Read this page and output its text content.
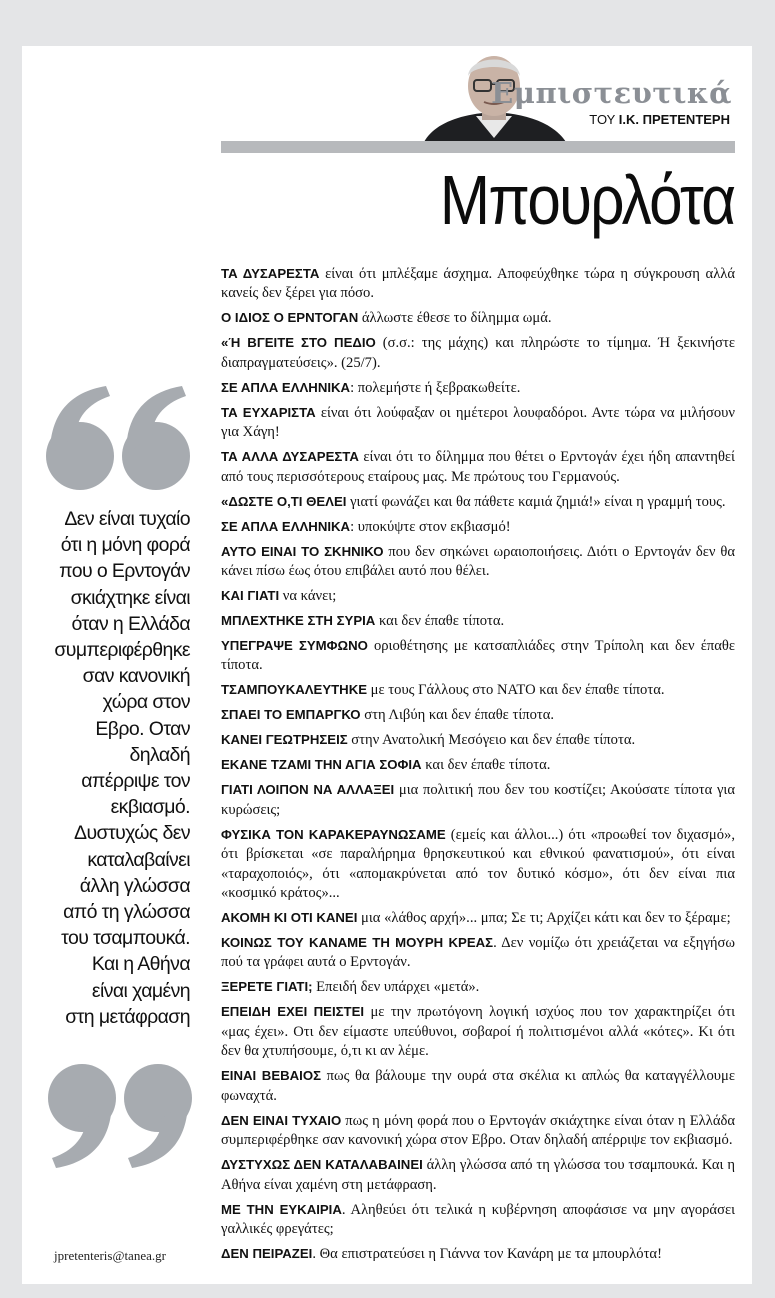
Εμπιστευτικά
ΤΟΥ Ι.Κ. ΠΡΕΤΕΝΤΕΡΗ
Μπουρλότα
Δεν είναι τυχαίο
ότι η μόνη φορά
που ο Ερντογάν
σκιάχτηκε είναι
όταν η Ελλάδα
συμπεριφέρθηκε
σαν κανονική
χώρα στον
Εβρο. Οταν
δηλαδή
απέρριψε τον
εκβιασμό.
Δυστυχώς δεν
καταλαβαίνει
άλλη γλώσσα
από τη γλώσσα
του τσαμπουκά.
Και η Αθήνα
είναι χαμένη
στη μετάφραση
jpretenteris@tanea.gr

ΤΑ ΔΥΣΑΡΕΣΤΑ είναι ότι μπλέξαμε άσχημα. Αποφεύχθηκε τώρα η σύγκρουση αλλά κανείς δεν ξέρει για πόσο.

Ο ΙΔΙΟΣ Ο ΕΡΝΤΟΓΑΝ άλλωστε έθεσε το δίλημμα ωμά.

«Ή ΒΓΕΙΤΕ ΣΤΟ ΠΕΔΙΟ (σ.σ.: της μάχης) και πληρώστε το τίμημα. Ή ξεκινήστε διαπραγματεύσεις». (25/7).

ΣΕ ΑΠΛΑ ΕΛΛΗΝΙΚΑ: πολεμήστε ή ξεβρακωθείτε.

ΤΑ ΕΥΧΑΡΙΣΤΑ είναι ότι λούφαξαν οι ημέτεροι λουφαδόροι. Αντε τώρα να μιλήσουν για Χάγη!

ΤΑ ΑΛΛΑ ΔΥΣΑΡΕΣΤΑ είναι ότι το δίλημμα που θέτει ο Ερντογάν έχει ήδη απαντηθεί από τους περισσότερους εταίρους μας. Με πρώτους του Γερμανούς.

«ΔΩΣΤΕ Ο,ΤΙ ΘΕΛΕΙ γιατί φωνάζει και θα πάθετε καμιά ζημιά!» είναι η γραμμή τους.

ΣΕ ΑΠΛΑ ΕΛΛΗΝΙΚΑ: υποκύψτε στον εκβιασμό!

ΑΥΤΟ ΕΙΝΑΙ ΤΟ ΣΚΗΝΙΚΟ που δεν σηκώνει ωραιοποιήσεις. Διότι ο Ερντογάν δεν θα κάνει πίσω έως ότου επιβάλει αυτό που θέλει.

ΚΑΙ ΓΙΑΤΙ να κάνει;

ΜΠΛΕΧΤΗΚΕ ΣΤΗ ΣΥΡΙΑ και δεν έπαθε τίποτα.

ΥΠΕΓΡΑΨΕ ΣΥΜΦΩΝΟ οριοθέτησης με κατσαπλιάδες στην Τρίπολη και δεν έπαθε τίποτα.

ΤΣΑΜΠΟΥΚΑΛΕΥΤΗΚΕ με τους Γάλλους στο ΝΑΤΟ και δεν έπαθε τίποτα.

ΣΠΑΕΙ ΤΟ ΕΜΠΑΡΓΚΟ στη Λιβύη και δεν έπαθε τίποτα.

ΚΑΝΕΙ ΓΕΩΤΡΗΣΕΙΣ στην Ανατολική Μεσόγειο και δεν έπαθε τίποτα.

ΕΚΑΝΕ ΤΖΑΜΙ ΤΗΝ ΑΓΙΑ ΣΟΦΙΑ και δεν έπαθε τίποτα.

ΓΙΑΤΙ ΛΟΙΠΟΝ ΝΑ ΑΛΛΑΞΕΙ μια πολιτική που δεν του κοστίζει; Ακούσατε τίποτα για κυρώσεις;

ΦΥΣΙΚΑ ΤΟΝ ΚΑΡΑΚΕΡΑΥΝΩΣΑΜΕ (εμείς και άλλοι...) ότι «προωθεί τον διχασμό», ότι βρίσκεται «σε παραλήρημα θρησκευτικού και εθνικού φανατισμού», ότι είναι «ταραχοποιός», ότι «απομακρύνεται από τον δυτικό κόσμο», ότι δεν είναι πια «κοσμικό κράτος»...

ΑΚΟΜΗ ΚΙ ΟΤΙ ΚΑΝΕΙ μια «λάθος αρχή»... μπα; Σε τι; Αρχίζει κάτι και δεν το ξέραμε;

ΚΟΙΝΩΣ ΤΟΥ ΚΑΝΑΜΕ ΤΗ ΜΟΥΡΗ ΚΡΕΑΣ. Δεν νομίζω ότι χρειάζεται να εξηγήσω πού τα γράφει αυτά ο Ερντογάν.

ΞΕΡΕΤΕ ΓΙΑΤΙ; Επειδή δεν υπάρχει «μετά».

ΕΠΕΙΔΗ ΕΧΕΙ ΠΕΙΣΤΕΙ με την πρωτόγονη λογική ισχύος που τον χαρακτηρίζει ότι «μας έχει». Οτι δεν είμαστε υπεύθυνοι, σοβαροί ή πολιτισμένοι αλλά «κότες». Κι ότι δεν θα χτυπήσουμε, ό,τι κι αν λέμε.

ΕΙΝΑΙ ΒΕΒΑΙΟΣ πως θα βάλουμε την ουρά στα σκέλια κι απλώς θα καταγγέλλουμε φωναχτά.

ΔΕΝ ΕΙΝΑΙ ΤΥΧΑΙΟ πως η μόνη φορά που ο Ερντογάν σκιάχτηκε είναι όταν η Ελλάδα συμπεριφέρθηκε σαν κανονική χώρα στον Εβρο. Οταν δηλαδή απέρριψε τον εκβιασμό.

ΔΥΣΤΥΧΩΣ ΔΕΝ ΚΑΤΑΛΑΒΑΙΝΕΙ άλλη γλώσσα από τη γλώσσα του τσαμπουκά. Και η Αθήνα είναι χαμένη στη μετάφραση.

ΜΕ ΤΗΝ ΕΥΚΑΙΡΙΑ. Αληθεύει ότι τελικά η κυβέρνηση αποφάσισε να μην αγοράσει γαλλικές φρεγάτες;

ΔΕΝ ΠΕΙΡΑΖΕΙ. Θα επιστρατεύσει η Γιάννα τον Κανάρη με τα μπουρλότα!
